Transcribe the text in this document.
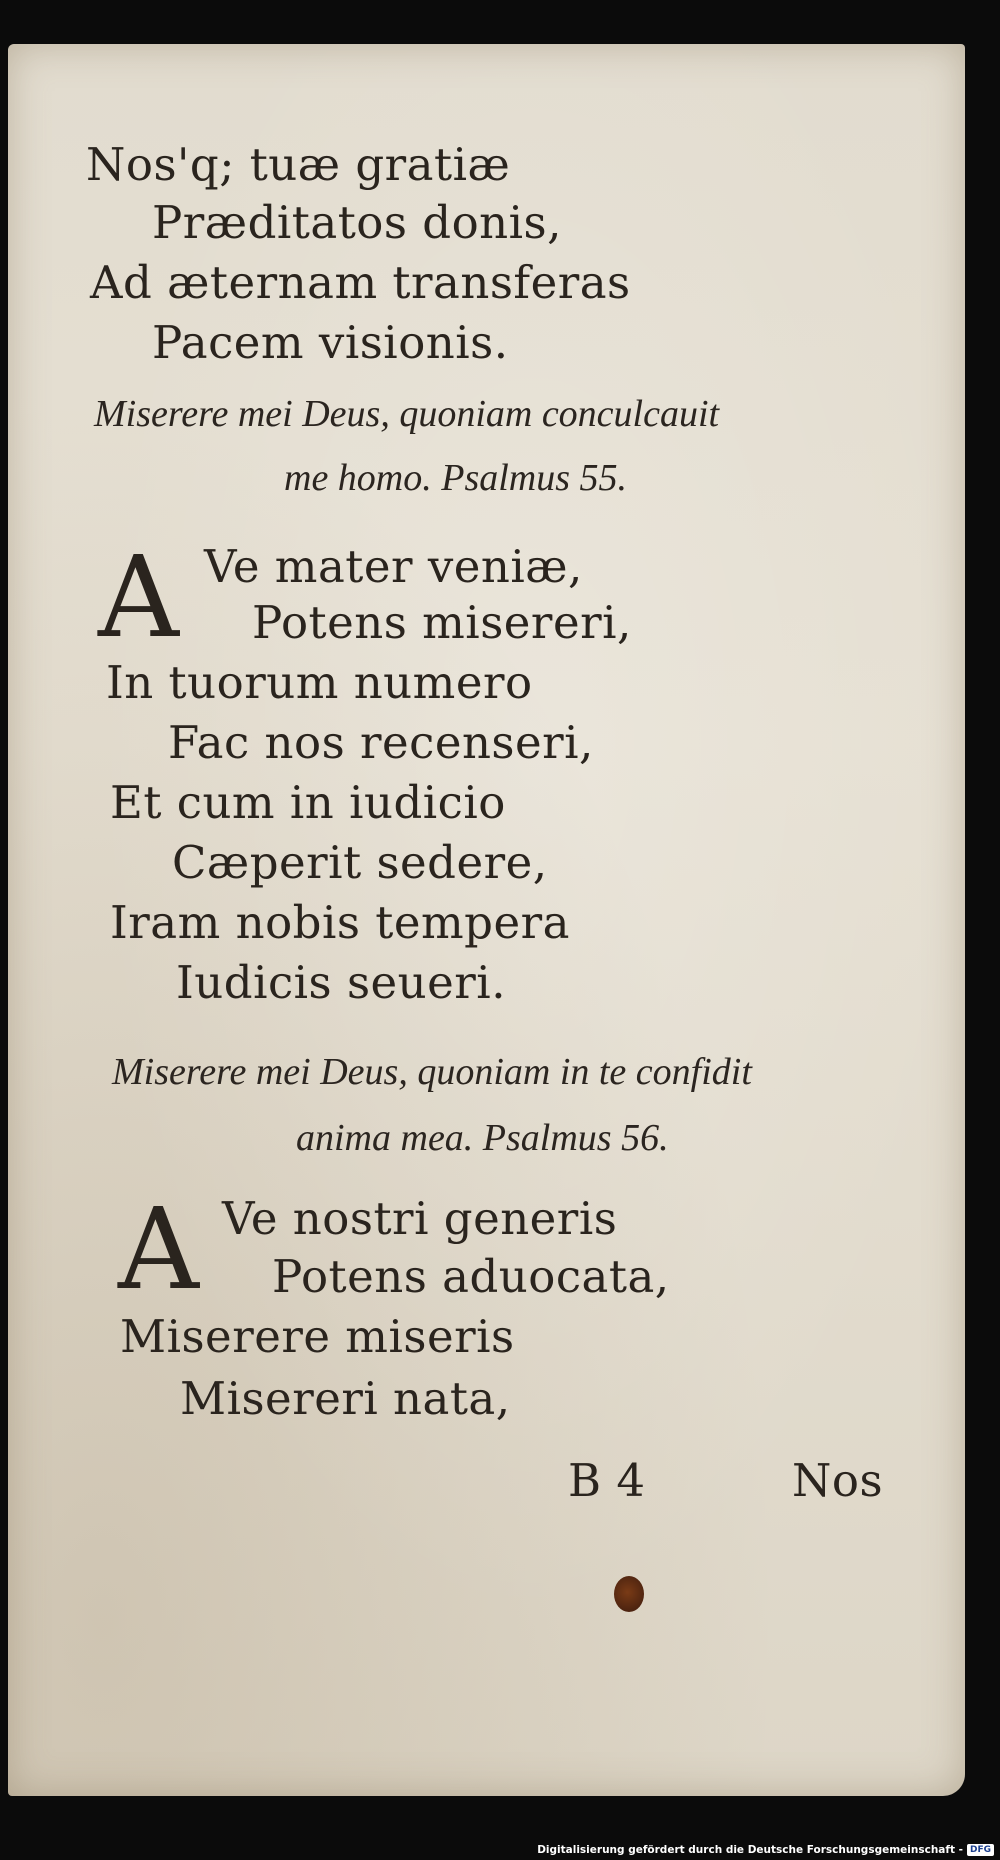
Nos'q; tuæ gratiæ
Præditatos donis,
Ad æternam transferas
Pacem visionis.
Miserere mei Deus, quoniam conculcauit
me homo. Psalmus 55.
A Ve mater veniæ,
Potens misereri,
In tuorum numero
Fac nos recenseri,
Et cum in iudicio
Cæperit sedere,
Iram nobis tempera
Iudicis seueri.
Miserere mei Deus, quoniam in te confidit
anima mea. Psalmus 56.
A Ve nostri generis
Potens aduocata,
Miserere miseris
Misereri nata,
B 4	Nos
Digitalisierung gefördert durch die Deutsche Forschungsgemeinschaft - DFG
